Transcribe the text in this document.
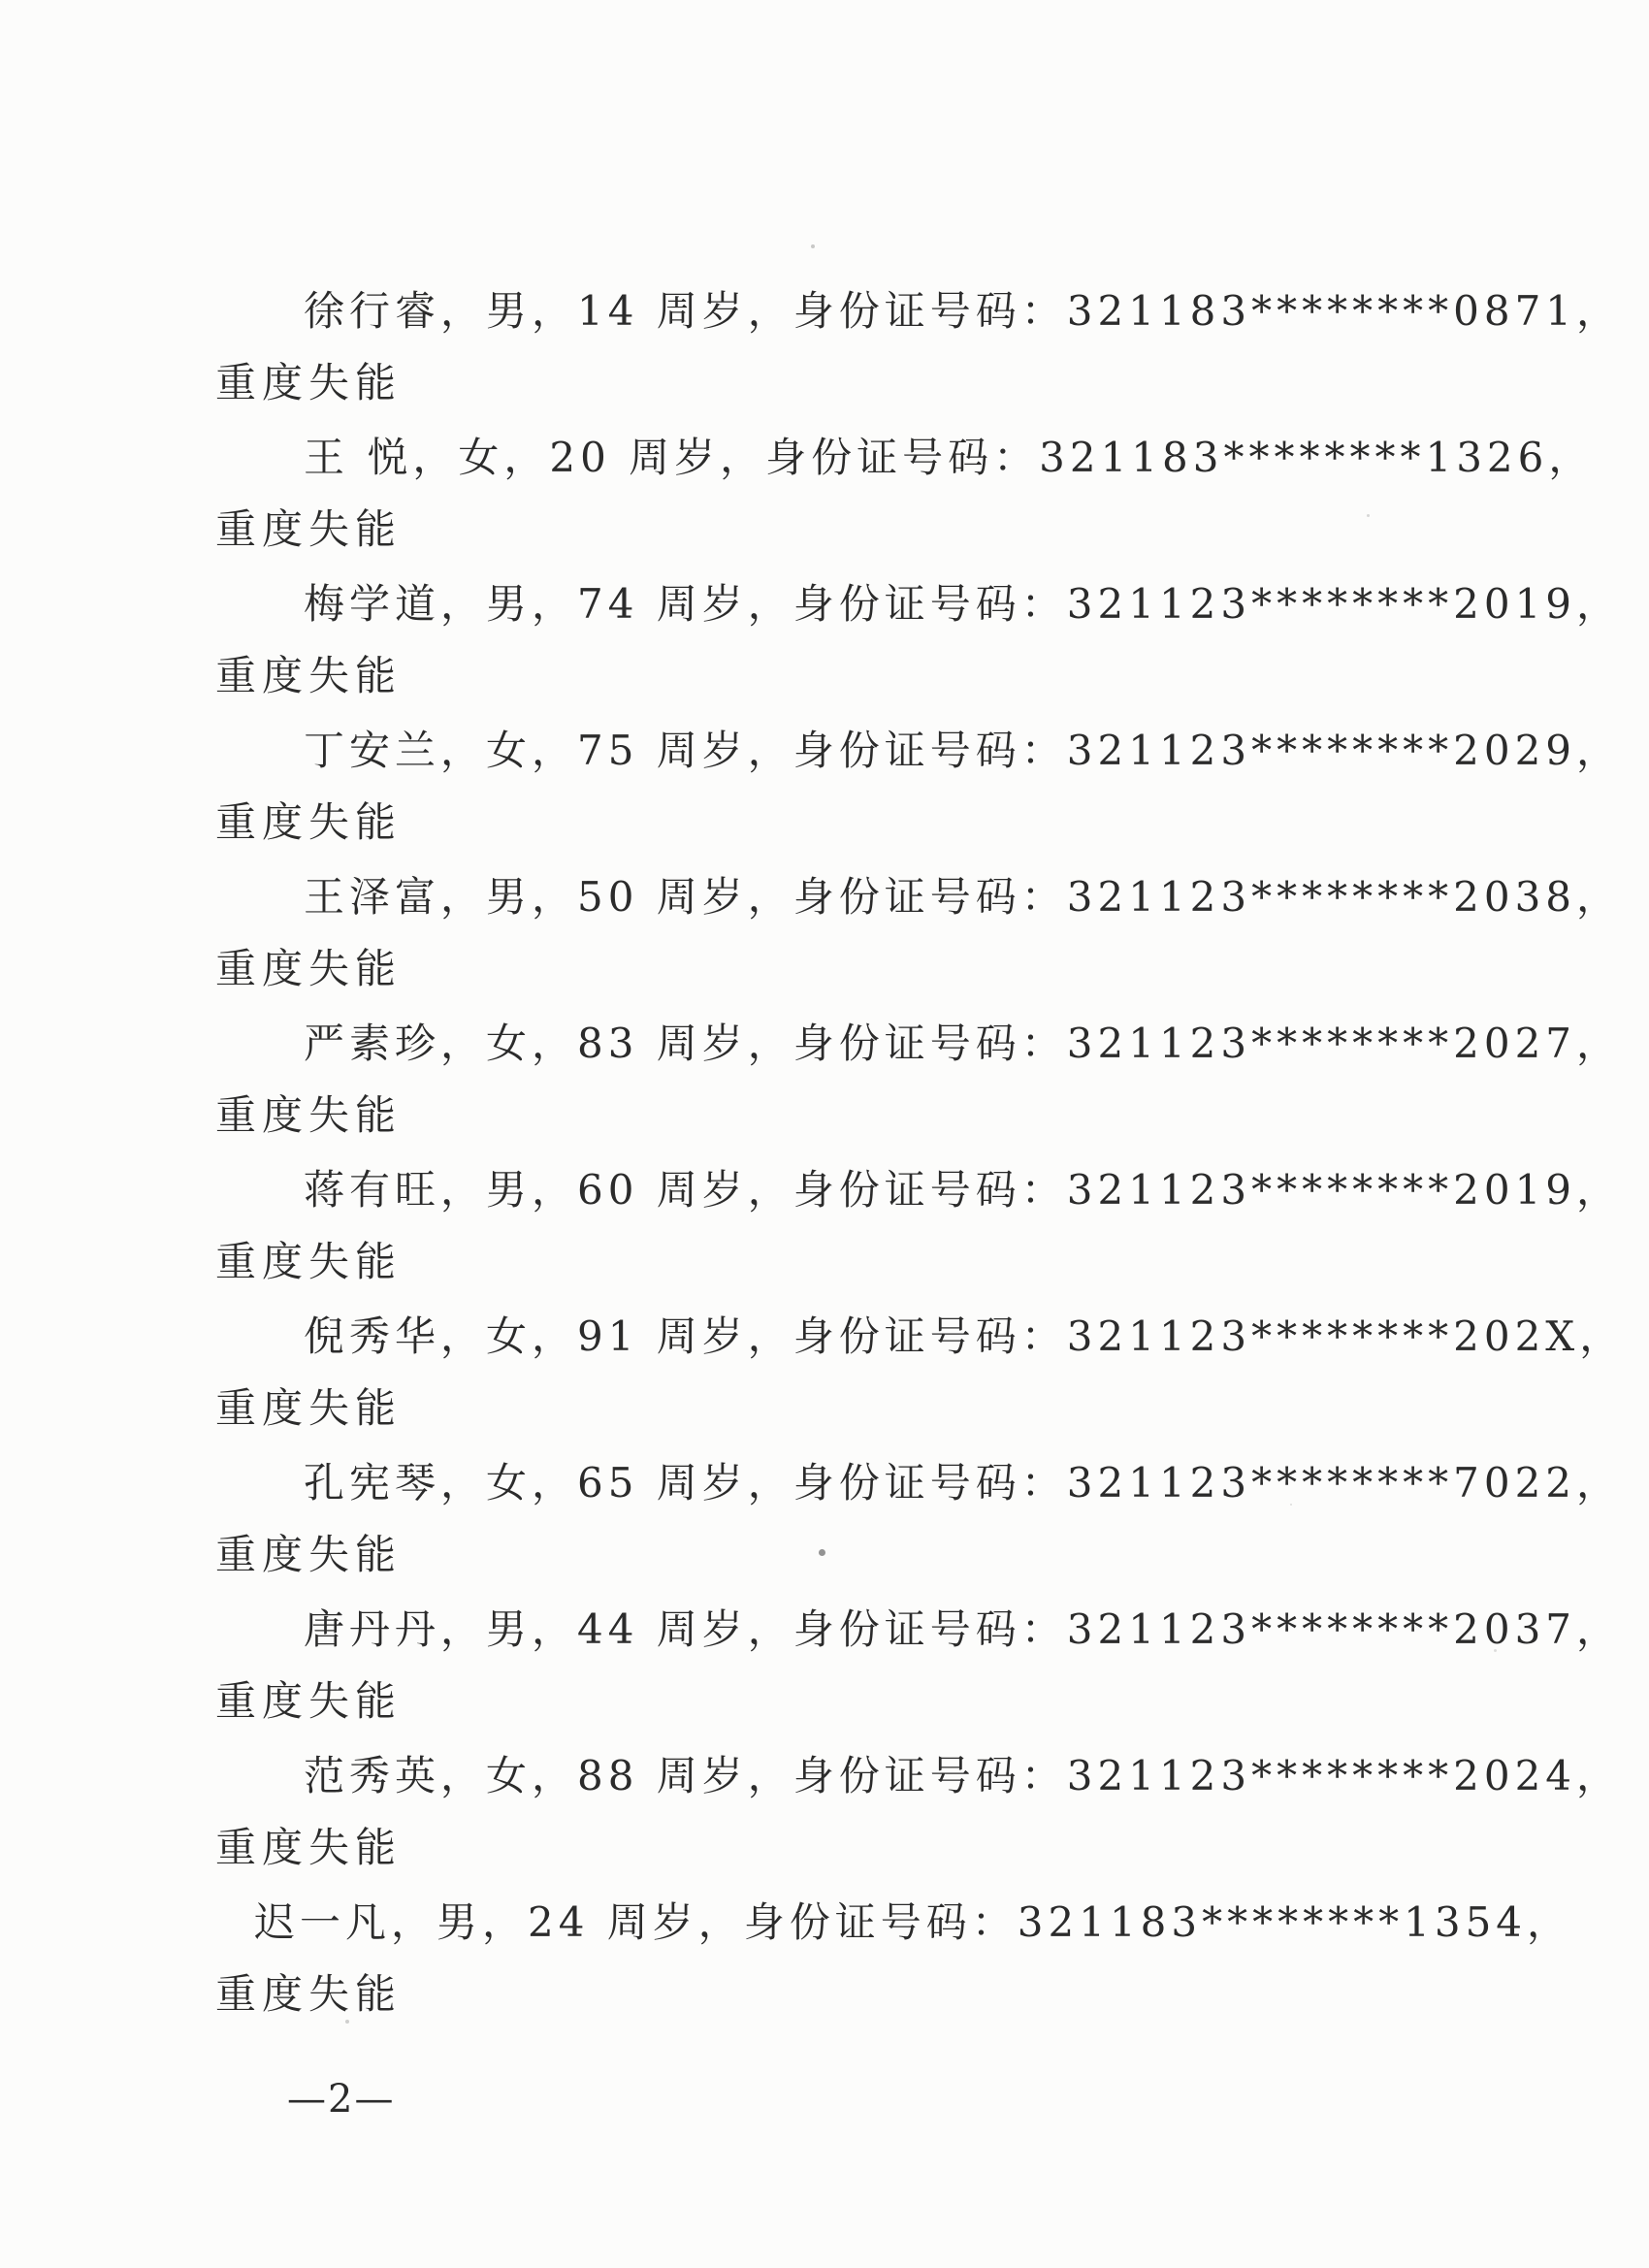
徐行睿，男，14 周岁，身份证号码：321183********0871，
重度失能
王 悦，女，20 周岁，身份证号码：321183********1326，
重度失能
梅学道，男，74 周岁，身份证号码：321123********2019，
重度失能
丁安兰，女，75 周岁，身份证号码：321123********2029，
重度失能
王泽富，男，50 周岁，身份证号码：321123********2038，
重度失能
严素珍，女，83 周岁，身份证号码：321123********2027，
重度失能
蒋有旺，男，60 周岁，身份证号码：321123********2019，
重度失能
倪秀华，女，91 周岁，身份证号码：321123********202X，
重度失能
孔宪琴，女，65 周岁，身份证号码：321123********7022，
重度失能
唐丹丹，男，44 周岁，身份证号码：321123********2037，
重度失能
范秀英，女，88 周岁，身份证号码：321123********2024，
重度失能
迟一凡，男，24 周岁，身份证号码：321183********1354，
重度失能
—2—
